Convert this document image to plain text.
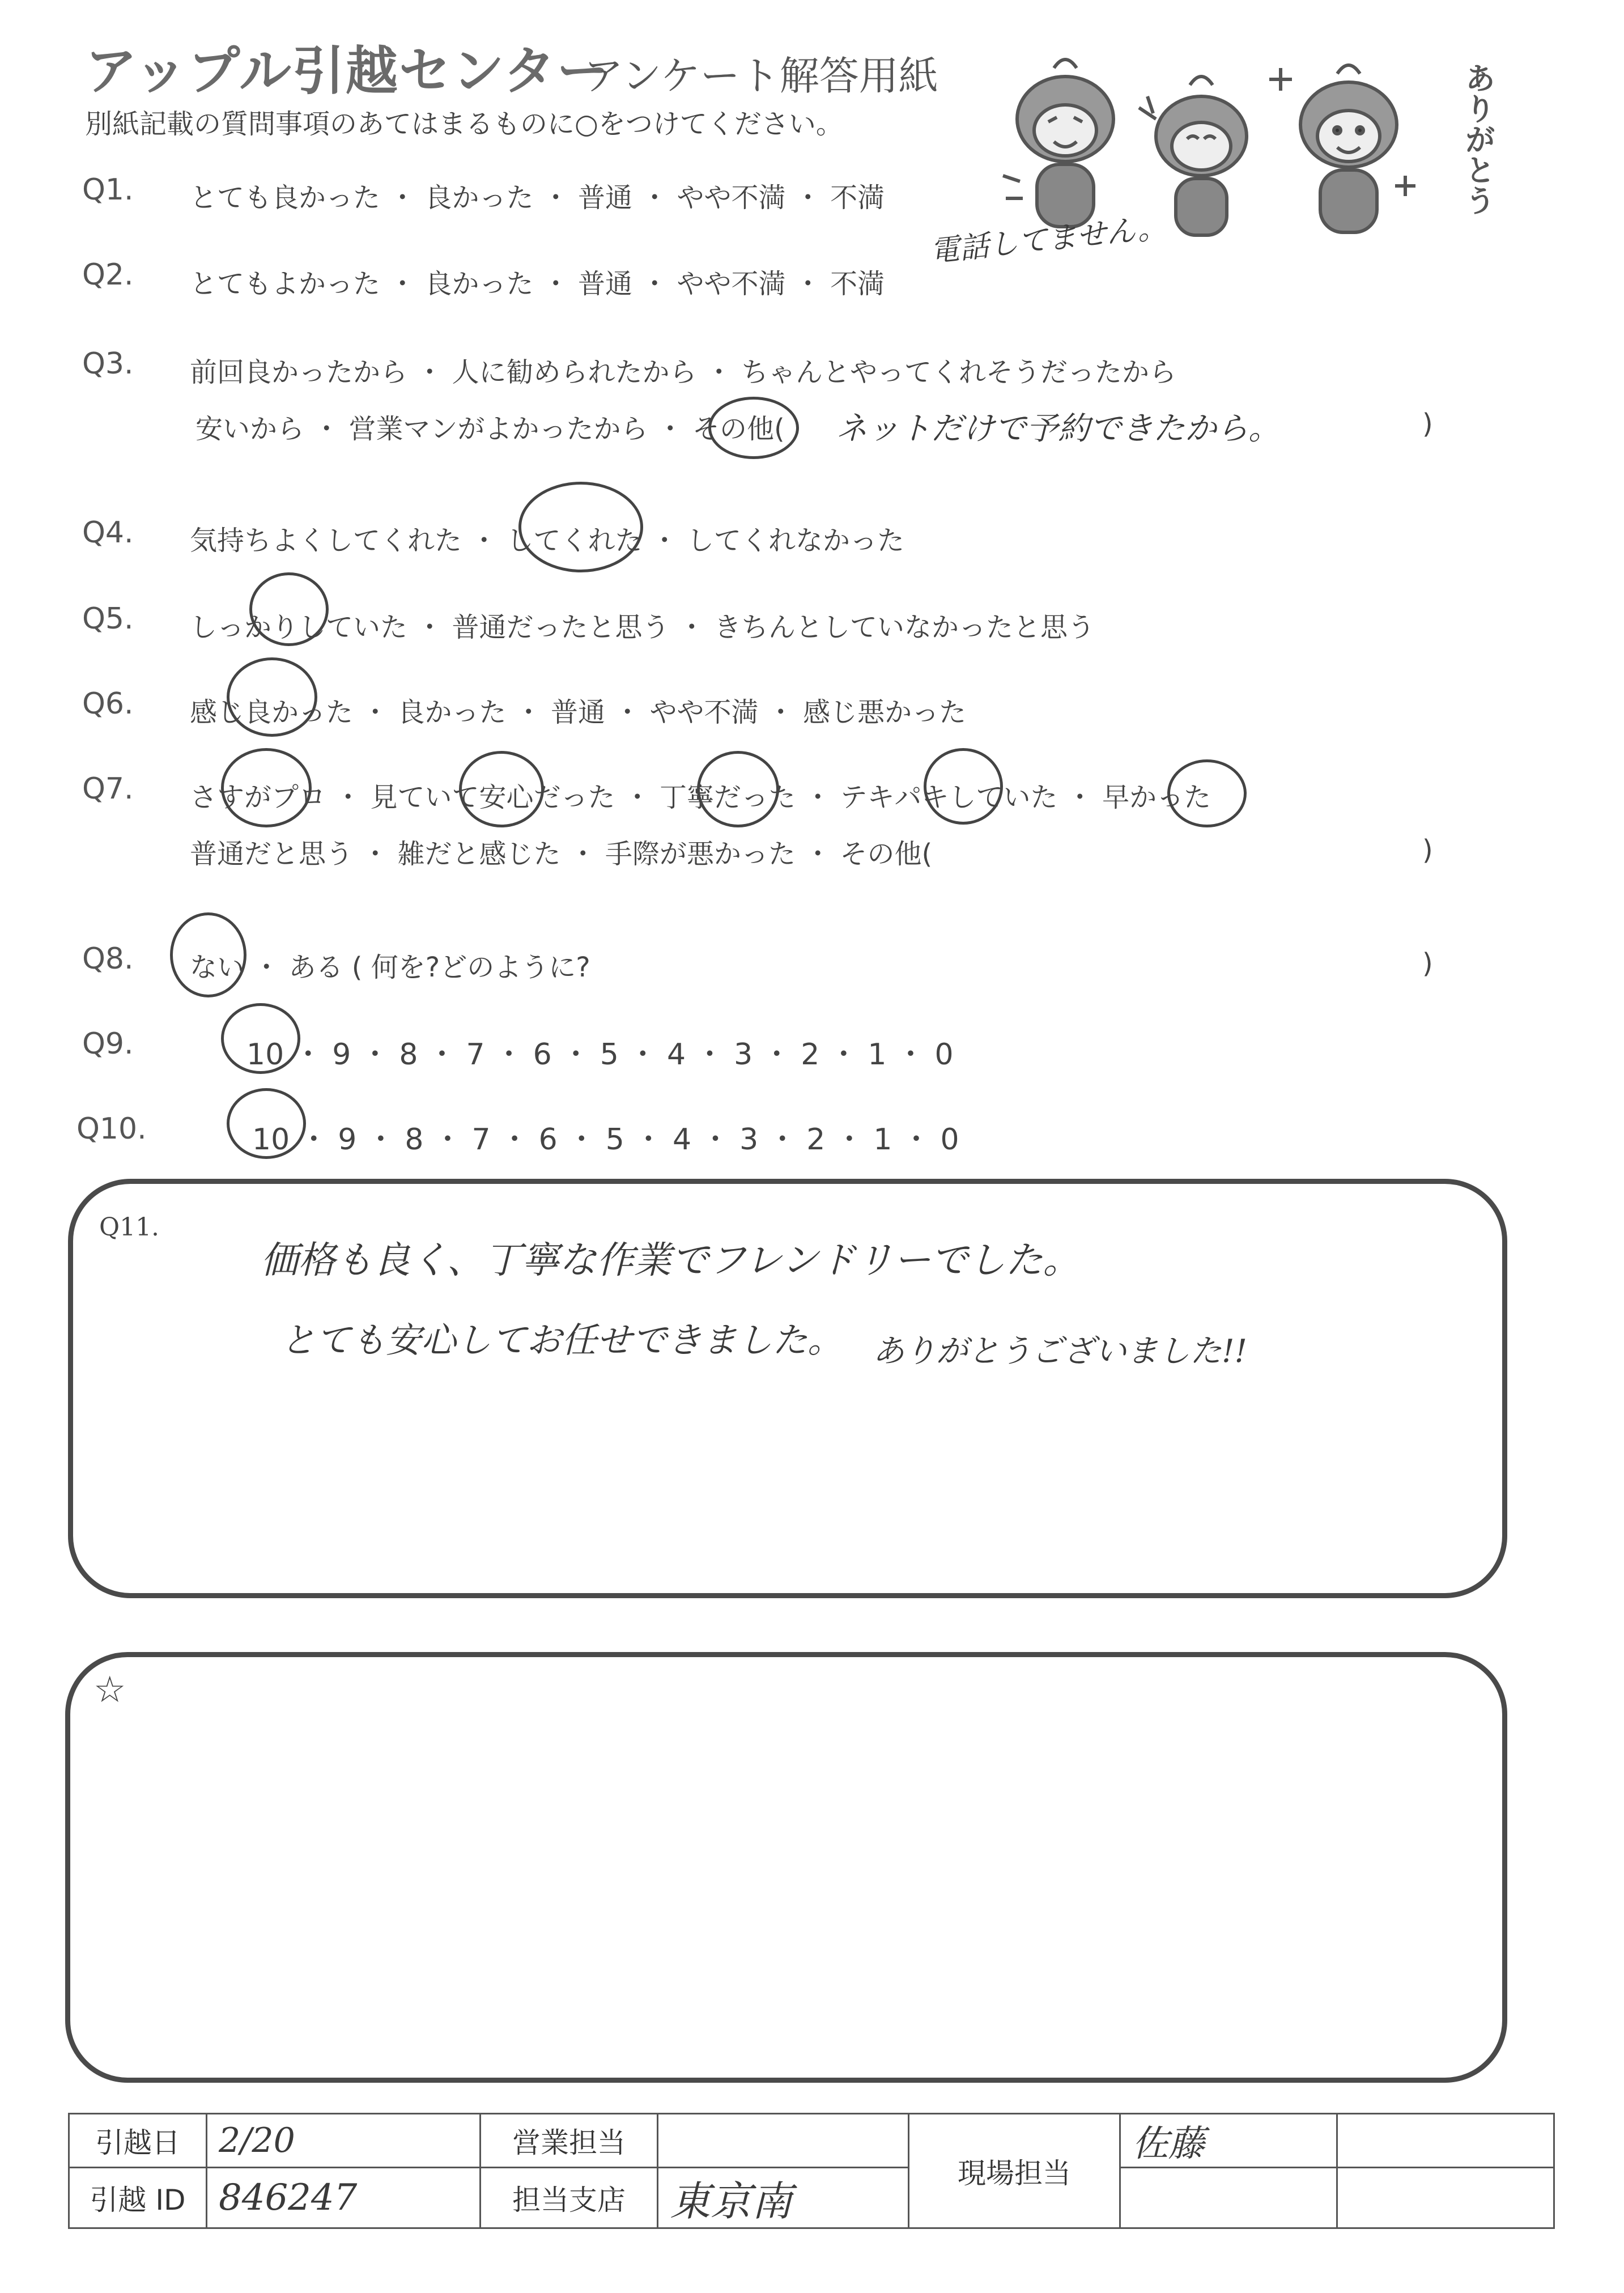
アップル引越センター
アンケート解答用紙
別紙記載の質問事項のあてはまるものに○をつけてください。	ありがとう
Q1. とても良かった ・ 良かった ・ 普通 ・ やや不満 ・ 不満
電話してません。
Q2. とてもよかった ・ 良かった ・ 普通 ・ やや不満 ・ 不満
Q3. 前回良かったから ・ 人に勧められたから ・ ちゃんとやってくれそうだったから
安いから ・ 営業マンがよかったから ・ その他( ネットだけで予約できたから。	)
Q4. 気持ちよくしてくれた ・ してくれた ・ してくれなかった
Q5. しっかりしていた ・ 普通だったと思う ・ きちんとしていなかったと思う
Q6. 感じ良かった ・ 良かった ・ 普通 ・ やや不満 ・ 感じ悪かった
Q7. さすがプロ ・ 見ていて安心だった ・ 丁寧だった ・ テキパキしていた ・ 早かった
普通だと思う ・ 雑だと感じた ・ 手際が悪かった ・ その他(	)
Q8. ない ・ ある ( 何を?どのように?	)
Q9.	10 ・ 9 ・ 8 ・ 7 ・ 6 ・ 5 ・ 4 ・ 3 ・ 2 ・ 1 ・ 0
Q10.	10 ・ 9 ・ 8 ・ 7 ・ 6 ・ 5 ・ 4 ・ 3 ・ 2 ・ 1 ・ 0
Q11.
価格も良く、丁寧な作業でフレンドリーでした。
とても安心してお任せできました。 ありがとうございました!!
☆
引越日	2/20	営業担当		現場担当	佐藤	
引越 ID	846247	担当支店	東京南			
